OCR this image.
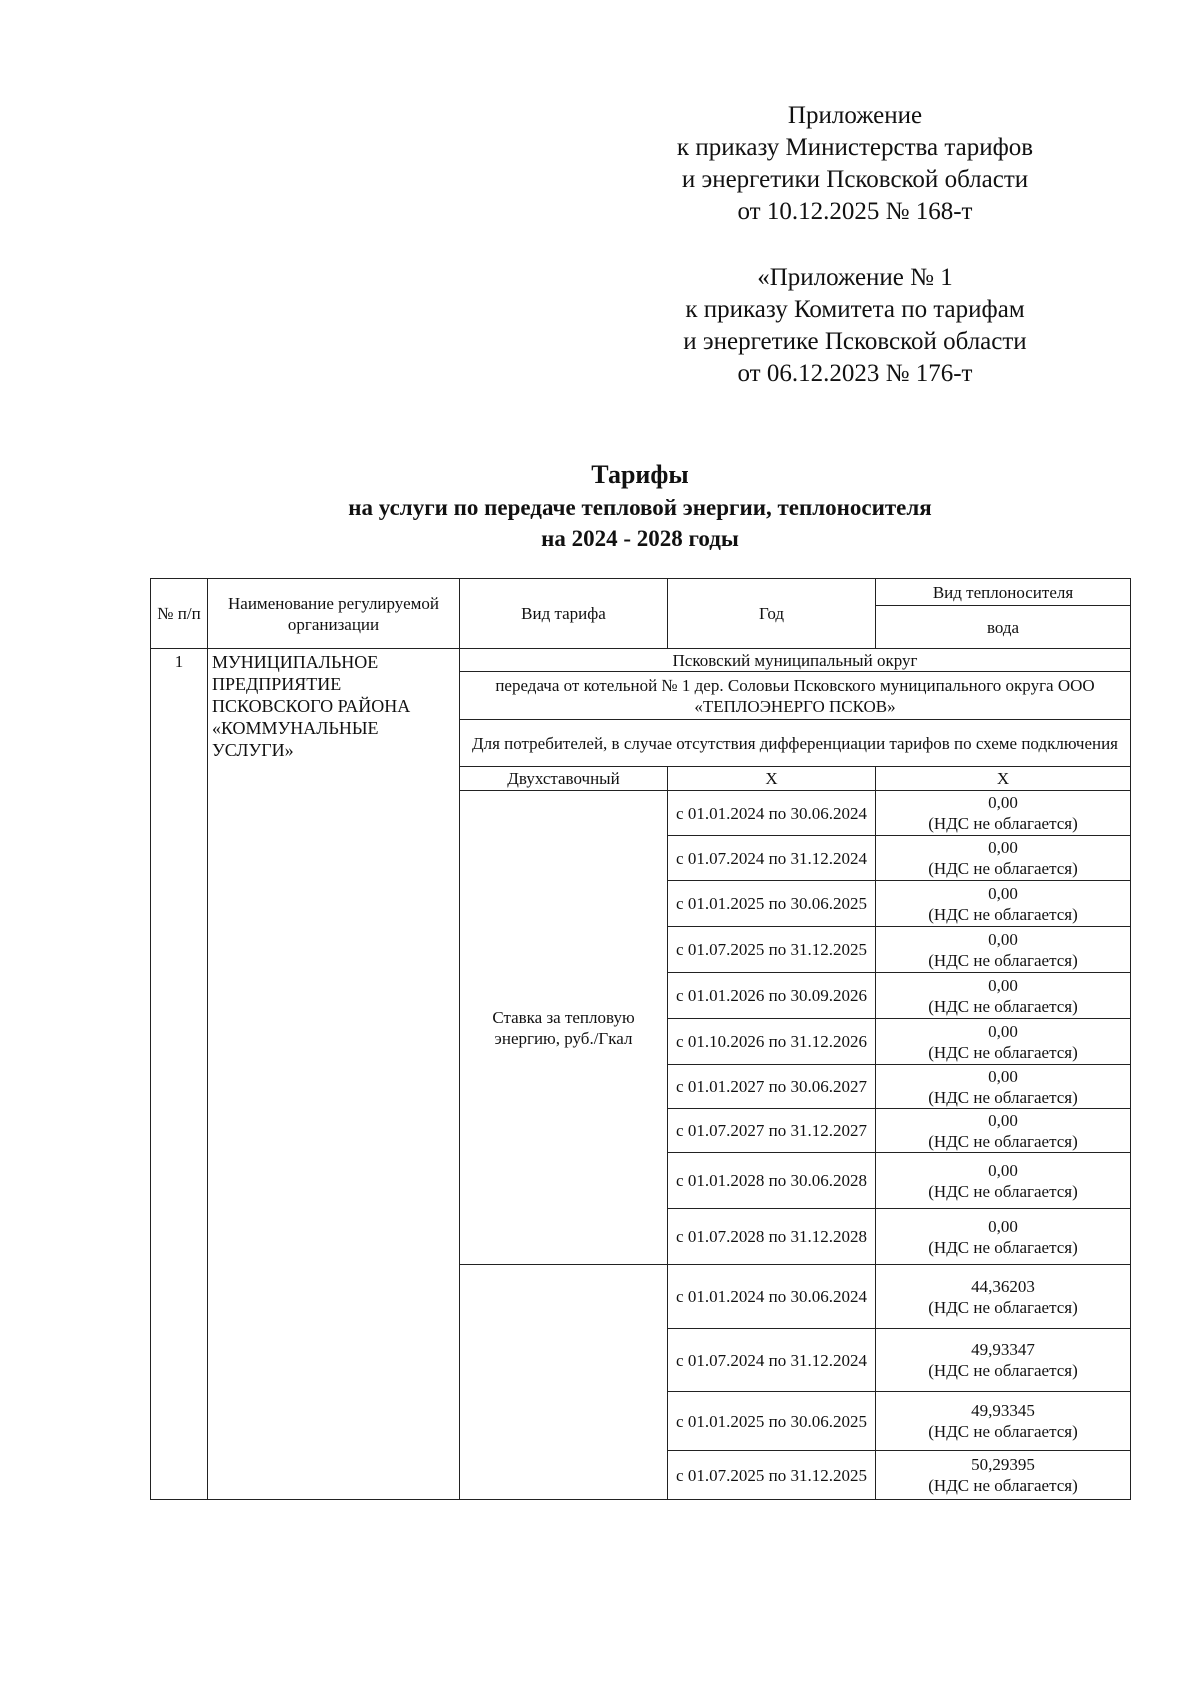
Приложение
к приказу Министерства тарифов
и энергетики Псковской области
от 10.12.2025 № 168-т
«Приложение № 1
к приказу Комитета по тарифам
и энергетике Псковской области
от 06.12.2023 № 176-т
Тарифы
на услуги по передаче тепловой энергии, теплоносителя
на 2024 - 2028 годы
№ п/п	Наименование регулируемой организации	Вид тарифа	Год	Вид теплоносителя
				вода
1	МУНИЦИПАЛЬНОЕ ПРЕДПРИЯТИЕ ПСКОВСКОГО РАЙОНА «КОММУНАЛЬНЫЕ УСЛУГИ»	Псковский муниципальный округ		
		передача от котельной № 1 дер. Соловьи Псковского муниципального округа ООО «ТЕПЛОЭНЕРГО ПСКОВ»		
		Для потребителей, в случае отсутствия дифференциации тарифов по схеме подключения		
		Двухставочный	Х	Х
		Ставка за тепловую энергию, руб./Гкал	с 01.01.2024 по 30.06.2024	0,00
(НДС не облагается)

			с 01.07.2024 по 31.12.2024	0,00
(НДС не облагается)

			с 01.01.2025 по 30.06.2025	0,00
(НДС не облагается)

			с 01.07.2025 по 31.12.2025	0,00
(НДС не облагается)

			с 01.01.2026 по 30.09.2026	0,00
(НДС не облагается)

			с 01.10.2026 по 31.12.2026	0,00
(НДС не облагается)

			с 01.01.2027 по 30.06.2027	0,00
(НДС не облагается)

			с 01.07.2027 по 31.12.2027	0,00
(НДС не облагается)

			с 01.01.2028 по 30.06.2028	0,00
(НДС не облагается)

			с 01.07.2028 по 31.12.2028	0,00
(НДС не облагается)

			с 01.01.2024 по 30.06.2024	44,36203
(НДС не облагается)

			с 01.07.2024 по 31.12.2024	49,93347
(НДС не облагается)

			с 01.01.2025 по 30.06.2025	49,93345
(НДС не облагается)

			с 01.07.2025 по 31.12.2025	50,29395
(НДС не облагается)
